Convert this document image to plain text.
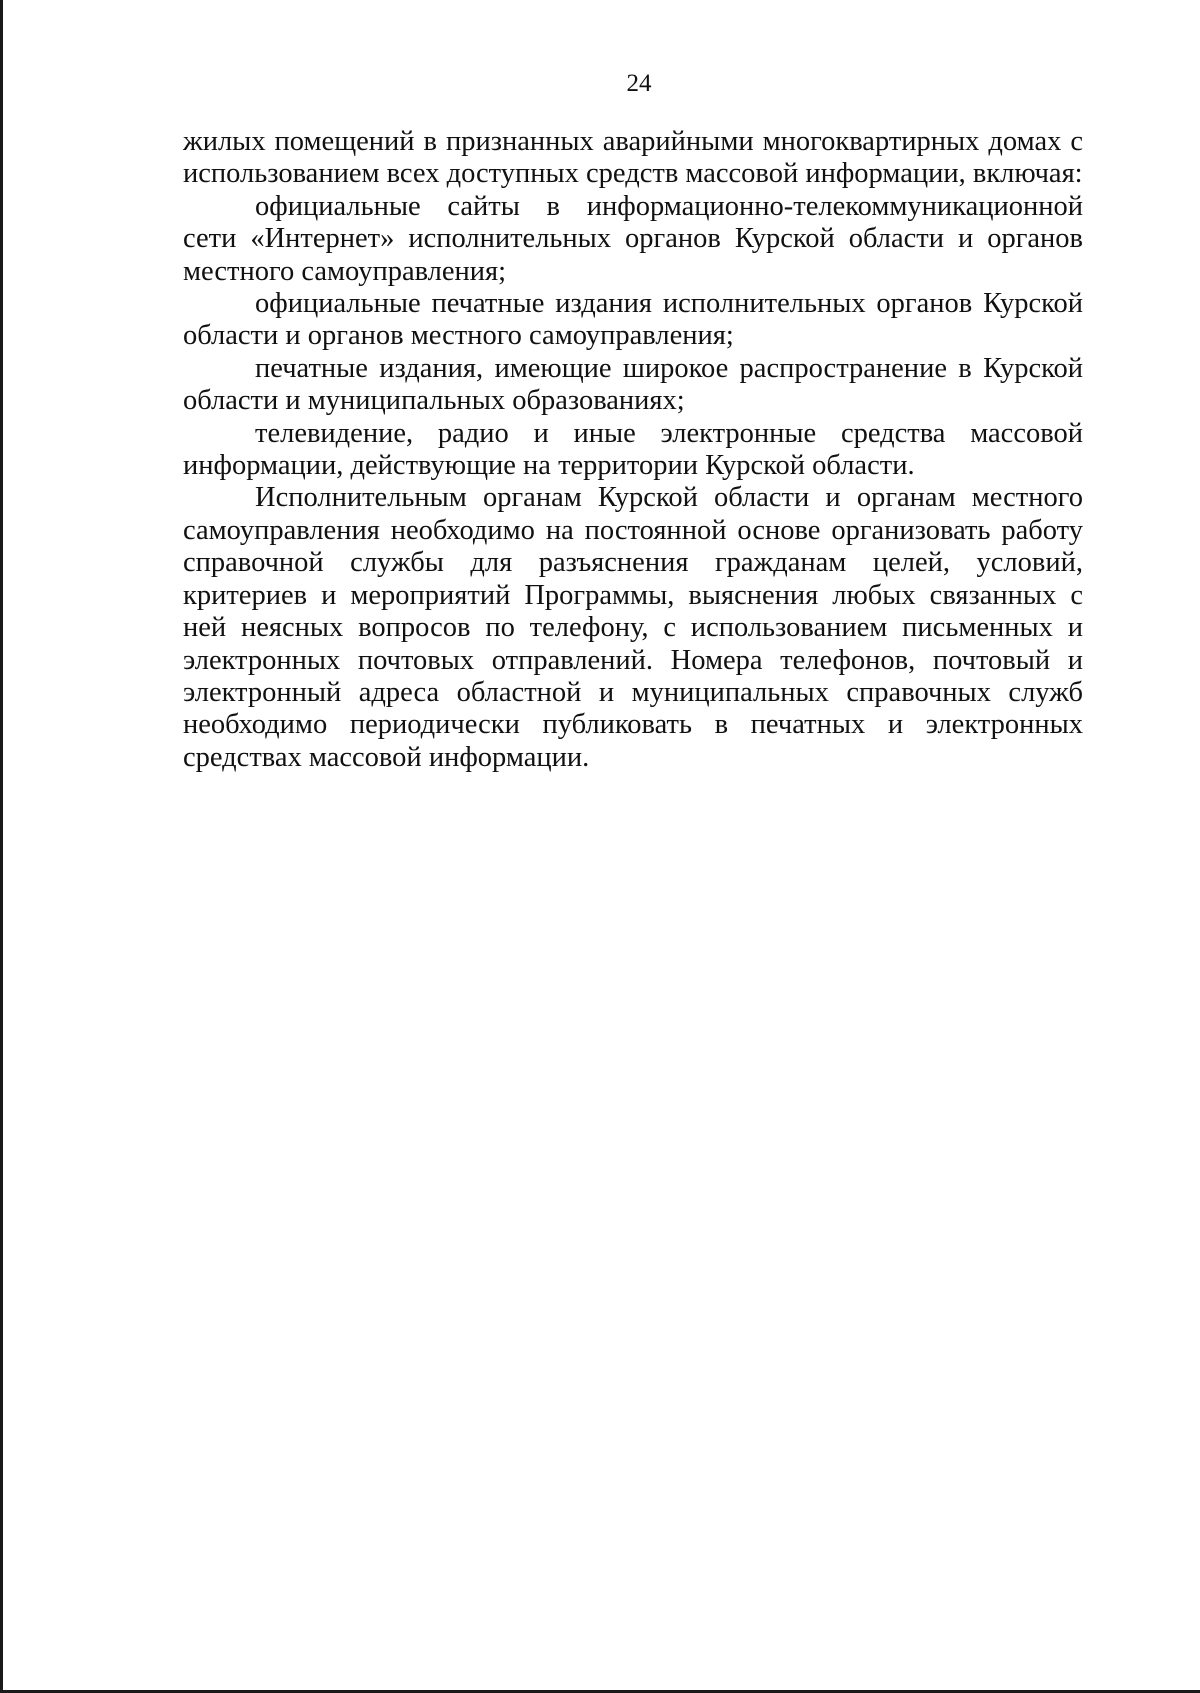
24

жилых помещений в признанных аварийными многоквартирных домах с использованием всех доступных средств массовой информации, включая:

официальные сайты в информационно-телекоммуникационной сети «Интернет» исполнительных органов Курской области и органов местного самоуправления;

официальные печатные издания исполнительных органов Курской области и органов местного самоуправления;

печатные издания, имеющие широкое распространение в Курской области и муниципальных образованиях;

телевидение, радио и иные электронные средства массовой информации, действующие на территории Курской области.

Исполнительным органам Курской области и органам местного самоуправления необходимо на постоянной основе организовать работу справочной службы для разъяснения гражданам целей, условий, критериев и мероприятий Программы, выяснения любых связанных с ней неясных вопросов по телефону, с использованием письменных и электронных почтовых отправлений. Номера телефонов, почтовый и электронный адреса областной и муниципальных справочных служб необходимо периодически публиковать в печатных и электронных средствах массовой информации.
